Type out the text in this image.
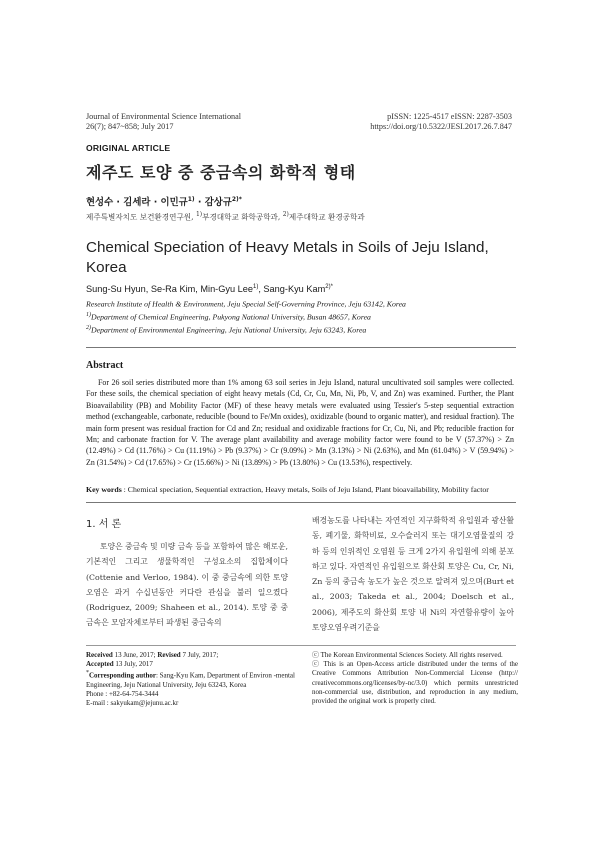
Journal of Environmental Science International
26(7); 847~858; July 2017
pISSN: 1225-4517 eISSN: 2287-3503
https://doi.org/10.5322/JESI.2017.26.7.847
ORIGINAL ARTICLE
제주도 토양 중 중금속의 화학적 형태
현성수 · 김세라 · 이민규$^{1)}$ · 감상규$^{2)*}$
제주특별자치도 보건환경연구원, $^{1)}$부경대학교 화학공학과, $^{2)}$제주대학교 환경공학과
Chemical Speciation of Heavy Metals in Soils of Jeju Island, Korea
Sung-Su Hyun, Se-Ra Kim, Min-Gyu Lee$^{1)}$, Sang-Kyu Kam$^{2)*}$
Research Institute of Health & Environment, Jeju Special Self-Governing Province, Jeju 63142, Korea
$^{1)}$Department of Chemical Engineering, Pukyong National University, Busan 48657, Korea
$^{2)}$Department of Environmental Engineering, Jeju National University, Jeju 63243, Korea
Abstract
For 26 soil series distributed more than 1% among 63 soil series in Jeju Island, natural uncultivated soil samples were collected. For these soils, the chemical speciation of eight heavy metals (Cd, Cr, Cu, Mn, Ni, Pb, V, and Zn) was examined. Further, the Plant Bioavailability (PB) and Mobility Factor (MF) of these heavy metals were evaluated using Tessier's 5-step sequential extraction method (exchangeable, carbonate, reducible (bound to Fe/Mn oxides), oxidizable (bound to organic matter), and residual fraction). The main form present was residual fraction for Cd and Zn; residual and oxidizable fractions for Cr, Cu, Ni, and Pb; reducible fraction for Mn; and carbonate fraction for V. The average plant availability and average mobility factor were found to be V (57.37%) > Zn (12.49%) > Cd (11.76%) > Cu (11.19%) > Pb (9.37%) > Cr (9.09%) > Mn (3.13%) > Ni (2.63%), and Mn (61.04%) > V (59.94%) > Zn (31.54%) > Cd (17.65%) > Cr (15.66%) > Ni (13.89%) > Pb (13.80%) > Cu (13.53%), respectively.
Key words : Chemical speciation, Sequential extraction, Heavy metals, Soils of Jeju Island, Plant bioavailability, Mobility factor
1. 서 론
토양은 중금속 및 미량 금속 등을 포함하여 많은 해로운, 기본적인 그리고 생물학적인 구성요소의 집합체이다(Cottenie and Verloo, 1984). 이 중 중금속에 의한 토양오염은 과거 수십년동안 커다란 관심을 불러 일으켰다(Rodriguez, 2009; Shaheen et al., 2014). 토양 중 중금속은 모암자체로부터 파생된 중금속의
배경농도를 나타내는 자연적인 지구화학적 유입원과 광산활동, 폐기물, 화학비료, 오수슬러지 또는 대기오염물질의 강하 등의 인위적인 오염원 등 크게 2가지 유입원에 의해 분포하고 있다. 자연적인 유입원으로 화산회 토양은 Cu, Cr, Ni, Zn 등의 중금속 농도가 높은 것으로 알려져 있으며(Burt et al., 2003; Takeda et al., 2004; Doelsch et al., 2006), 제주도의 화산회 토양 내 Ni의 자연함유량이 높아 토양오염우려기준을
Received 13 June, 2017; Revised 7 July, 2017;
Accepted 13 July, 2017
*Corresponding author: Sang-Kyu Kam, Department of Environ -mental Engineering, Jeju National University, Jeju 63243, Korea
Phone : +82-64-754-3444
E-mail : sakyukam@jejunu.ac.kr
ⓒ The Korean Environmental Sciences Society. All rights reserved.
ⓒ This is an Open-Access article distributed under the terms of the Creative Commons Attribution Non-Commercial License (http:// creativecommons.org/licenses/by-nc/3.0) which permits unrestricted non-commercial use, distribution, and reproduction in any medium, provided the original work is properly cited.
